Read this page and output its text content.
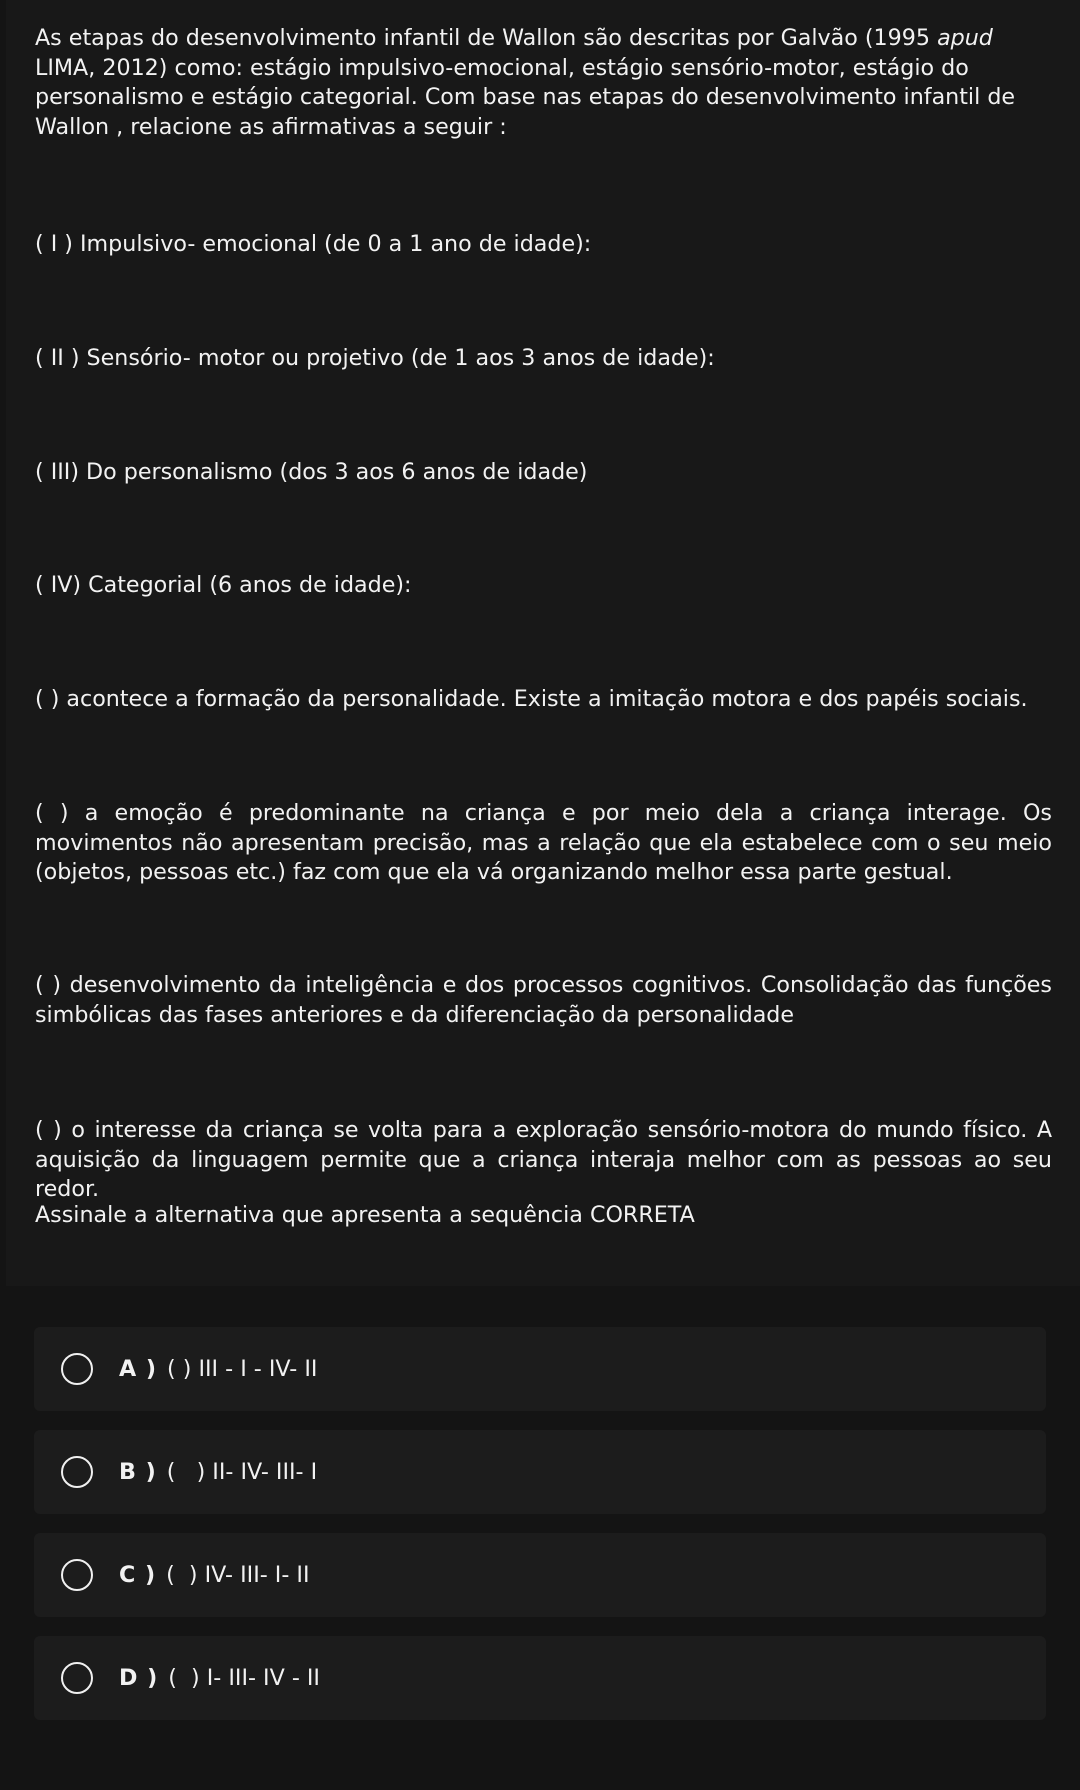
As etapas do desenvolvimento infantil de Wallon são descritas por Galvão (1995 apud LIMA, 2012) como: estágio impulsivo-emocional, estágio sensório-motor, estágio do personalismo e estágio categorial. Com base nas etapas do desenvolvimento infantil de Wallon , relacione as afirmativas a seguir :

( I ) Impulsivo- emocional (de 0 a 1 ano de idade):

( II ) Sensório- motor ou projetivo (de 1 aos 3 anos de idade):

( III) Do personalismo (dos 3 aos 6 anos de idade)

( IV) Categorial (6 anos de idade):

( ) acontece a formação da personalidade. Existe a imitação motora e dos papéis sociais.

( ) a emoção é predominante na criança e por meio dela a criança interage. Os movimentos não apresentam precisão, mas a relação que ela estabelece com o seu meio (objetos, pessoas etc.) faz com que ela vá organizando melhor essa parte gestual.

( ) desenvolvimento da inteligência e dos processos cognitivos. Consolidação das funções simbólicas das fases anteriores e da diferenciação da personalidade

( ) o interesse da criança se volta para a exploração sensório-motora do mundo físico. A aquisição da linguagem permite que a criança interaja melhor com as pessoas ao seu redor.

Assinale a alternativa que apresenta a sequência CORRETA

A ) ( ) III - I - IV- II
B ) (   ) II- IV- III- I
C ) (  ) IV- III- I- II
D ) (  ) I- III- IV - II
